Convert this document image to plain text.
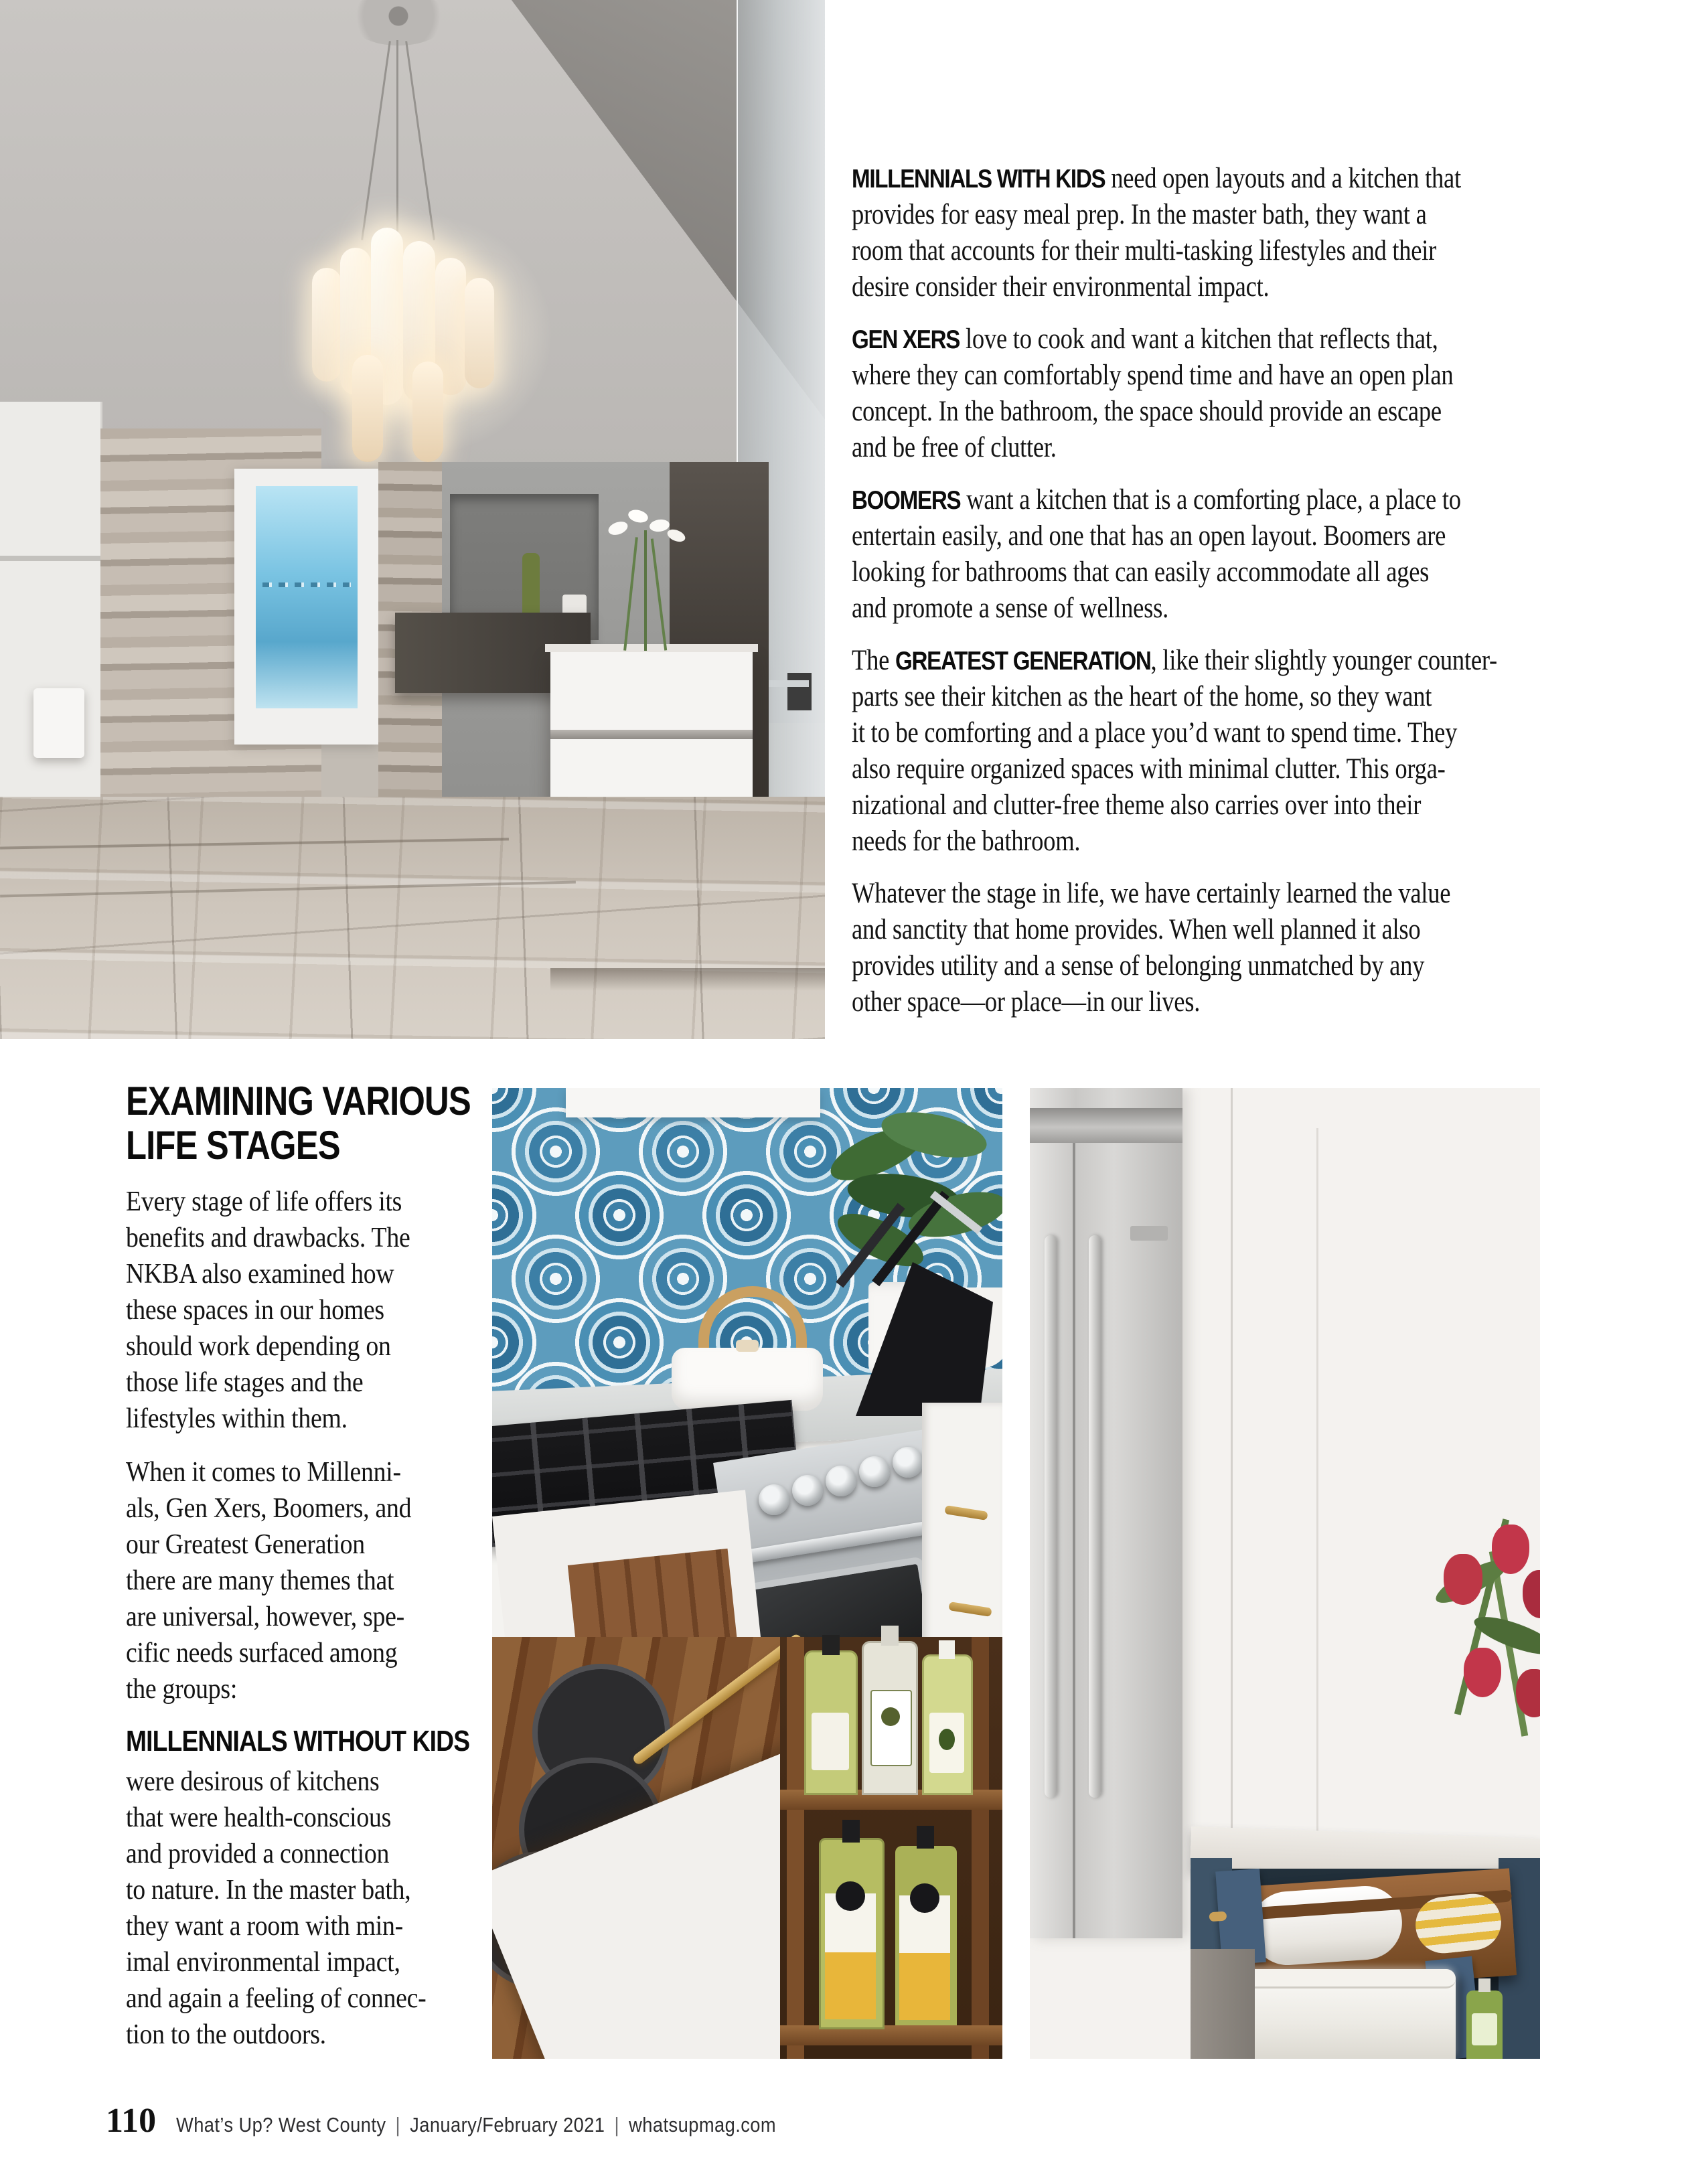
MILLENNIALS WITH KIDS need open layouts and a kitchen that
provides for easy meal prep. In the master bath, they want a
room that accounts for their multi-tasking lifestyles and their
desire consider their environmental impact.
GEN XERS love to cook and want a kitchen that reflects that,
where they can comfortably spend time and have an open plan
concept. In the bathroom, the space should provide an escape
and be free of clutter.
BOOMERS want a kitchen that is a comforting place, a place to
entertain easily, and one that has an open layout. Boomers are
looking for bathrooms that can easily accommodate all ages
and promote a sense of wellness.
The GREATEST GENERATION, like their slightly younger counter-
parts see their kitchen as the heart of the home, so they want
it to be comforting and a place you’d want to spend time. They
also require organized spaces with minimal clutter. This orga-
nizational and clutter-free theme also carries over into their
needs for the bathroom.
Whatever the stage in life, we have certainly learned the value
and sanctity that home provides. When well planned it also
provides utility and a sense of belonging unmatched by any
other space—or place—in our lives.
EXAMINING VARIOUS
LIFE STAGES
Every stage of life offers its
benefits and drawbacks. The
NKBA also examined how
these spaces in our homes
should work depending on
those life stages and the
lifestyles within them.
When it comes to Millenni-
als, Gen Xers, Boomers, and
our Greatest Generation
there are many themes that
are universal, however, spe-
cific needs surfaced among
the groups:
MILLENNIALS WITHOUT KIDS
were desirous of kitchens
that were health-conscious
and provided a connection
to nature. In the master bath,
they want a room with min-
imal environmental impact,
and again a feeling of connec-
tion to the outdoors.
110 What’s Up? West County | January/February 2021 | whatsupmag.com
